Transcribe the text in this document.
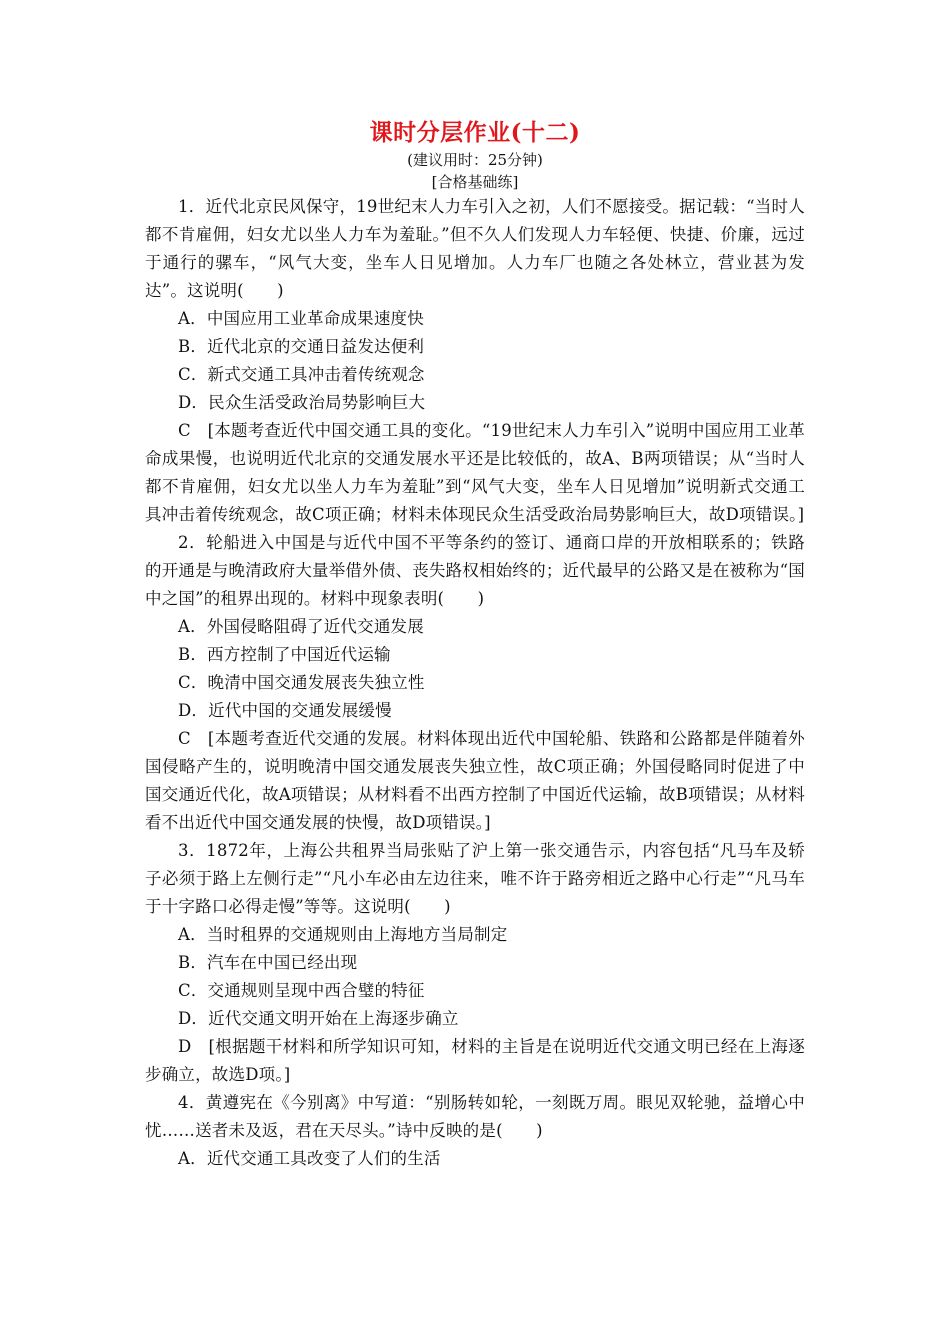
课时分层作业(十二)

(建议用时：25分钟)

[合格基础练]

1．近代北京民风保守，19世纪末人力车引入之初，人们不愿接受。据记载：“当时人都不肯雇佣，妇女尤以坐人力车为羞耻。”但不久人们发现人力车轻便、快捷、价廉，远过于通行的骡车，“风气大变，坐车人日见增加。人力车厂也随之各处林立，营业甚为发达”。这说明(　　)

A．中国应用工业革命成果速度快

B．近代北京的交通日益发达便利

C．新式交通工具冲击着传统观念

D．民众生活受政治局势影响巨大

C　[本题考查近代中国交通工具的变化。“19世纪末人力车引入”说明中国应用工业革命成果慢，也说明近代北京的交通发展水平还是比较低的，故A、B两项错误；从“当时人都不肯雇佣，妇女尤以坐人力车为羞耻”到“风气大变，坐车人日见增加”说明新式交通工具冲击着传统观念，故C项正确；材料未体现民众生活受政治局势影响巨大，故D项错误。]

2．轮船进入中国是与近代中国不平等条约的签订、通商口岸的开放相联系的；铁路的开通是与晚清政府大量举借外债、丧失路权相始终的；近代最早的公路又是在被称为“国中之国”的租界出现的。材料中现象表明(　　)

A．外国侵略阻碍了近代交通发展

B．西方控制了中国近代运输

C．晚清中国交通发展丧失独立性

D．近代中国的交通发展缓慢

C　[本题考查近代交通的发展。材料体现出近代中国轮船、铁路和公路都是伴随着外国侵略产生的，说明晚清中国交通发展丧失独立性，故C项正确；外国侵略同时促进了中国交通近代化，故A项错误；从材料看不出西方控制了中国近代运输，故B项错误；从材料看不出近代中国交通发展的快慢，故D项错误。]

3．1872年，上海公共租界当局张贴了沪上第一张交通告示，内容包括“凡马车及轿子必须于路上左侧行走”“凡小车必由左边往来，唯不许于路旁相近之路中心行走”“凡马车于十字路口必得走慢”等等。这说明(　　)

A．当时租界的交通规则由上海地方当局制定

B．汽车在中国已经出现

C．交通规则呈现中西合璧的特征

D．近代交通文明开始在上海逐步确立

D　[根据题干材料和所学知识可知，材料的主旨是在说明近代交通文明已经在上海逐步确立，故选D项。]

4．黄遵宪在《今别离》中写道：“别肠转如轮，一刻既万周。眼见双轮驰，益增心中忧……送者未及返，君在天尽头。”诗中反映的是(　　)

A．近代交通工具改变了人们的生活
